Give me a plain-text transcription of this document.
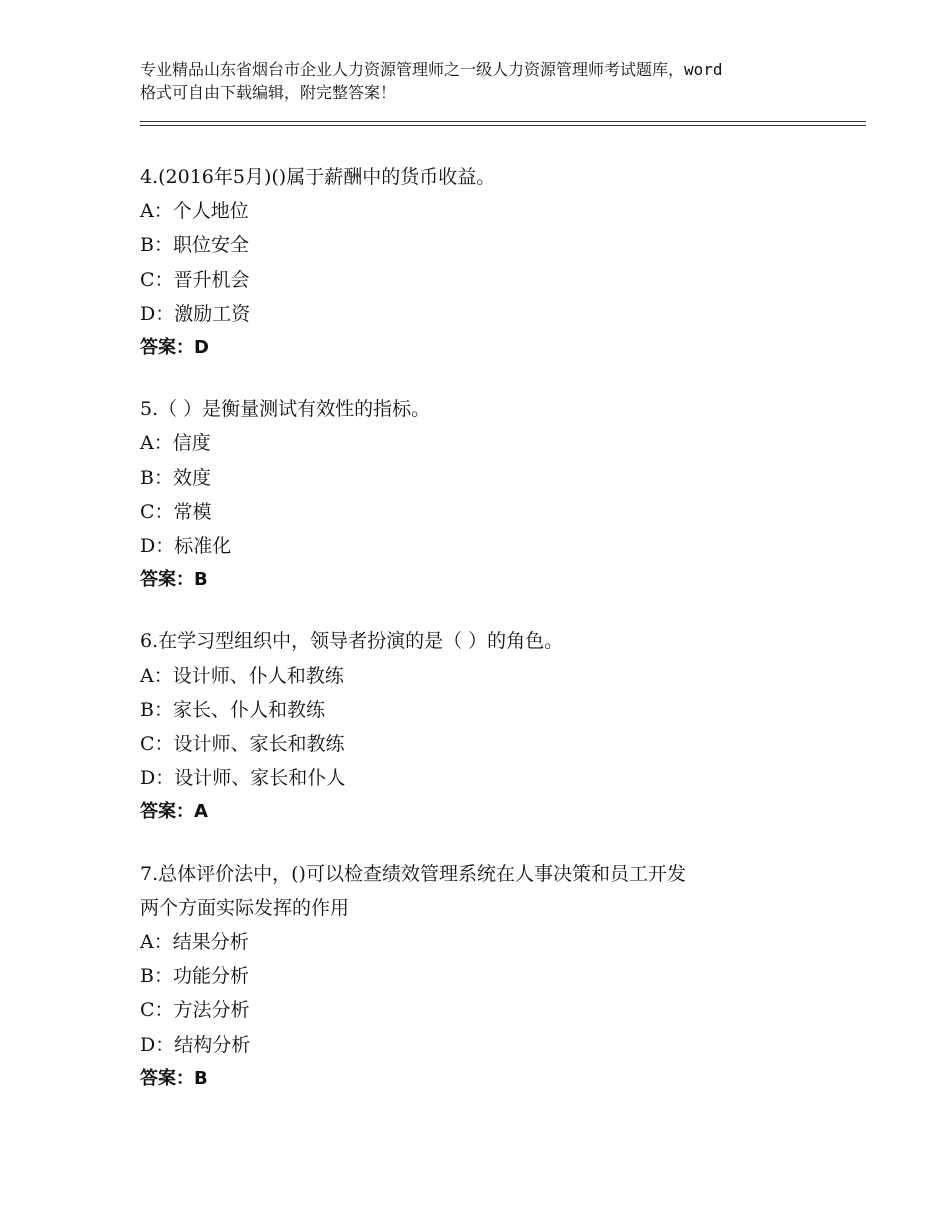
专业精品山东省烟台市企业人力资源管理师之一级人力资源管理师考试题库，word
格式可自由下载编辑，附完整答案！
4.(2016年5月)()属于薪酬中的货币收益。
A：个人地位
B：职位安全
C：晋升机会
D：激励工资
答案：D
5.（ ）是衡量测试有效性的指标。
A：信度
B：效度
C：常模
D：标准化
答案：B
6.在学习型组织中，领导者扮演的是（ ）的角色。
A：设计师、仆人和教练
B：家长、仆人和教练
C：设计师、家长和教练
D：设计师、家长和仆人
答案：A
7.总体评价法中，()可以检查绩效管理系统在人事决策和员工开发
两个方面实际发挥的作用
A：结果分析
B：功能分析
C：方法分析
D：结构分析
答案：B
